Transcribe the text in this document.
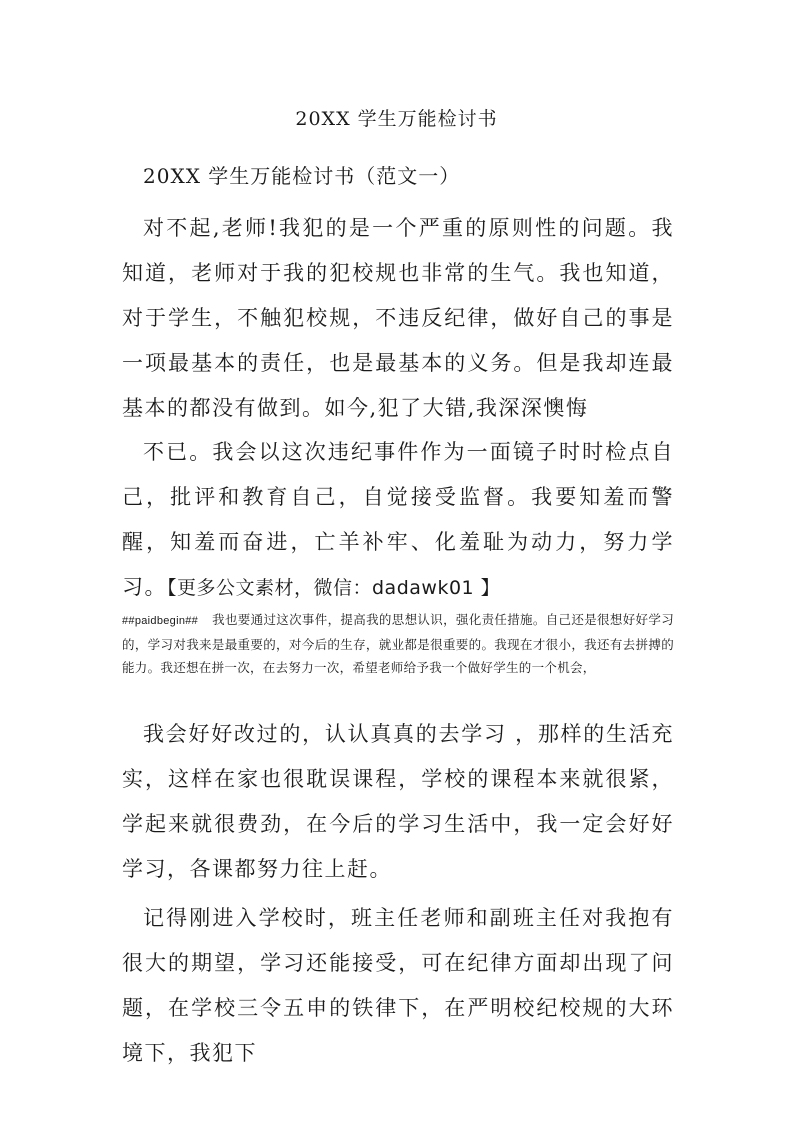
20XX 学生万能检讨书
20XX 学生万能检讨书（范文一）

对不起,老师!我犯的是一个严重的原则性的问题。我知道，老师对于我的犯校规也非常的生气。我也知道，对于学生，不触犯校规，不违反纪律，做好自己的事是一项最基本的责任，也是最基本的义务。但是我却连最基本的都没有做到。如今,犯了大错,我深深懊悔

不已。我会以这次违纪事件作为一面镜子时时检点自己，批评和教育自己，自觉接受监督。我要知羞而警醒，知羞而奋进，亡羊补牢、化羞耻为动力，努力学习。【更多公文素材，微信：dadawk01 】

##paidbegin## 我也要通过这次事件，提高我的思想认识，强化责任措施。自己还是很想好好学习的，学习对我来是最重要的，对今后的生存，就业都是很重要的。我现在才很小，我还有去拼搏的能力。我还想在拼一次，在去努力一次，希望老师给予我一个做好学生的一个机会，

我会好好改过的，认认真真的去学习 ，那样的生活充实，这样在家也很耽误课程，学校的课程本来就很紧，学起来就很费劲，在今后的学习生活中，我一定会好好学习，各课都努力往上赶。

记得刚进入学校时，班主任老师和副班主任对我抱有很大的期望，学习还能接受，可在纪律方面却出现了问题，在学校三令五申的铁律下，在严明校纪校规的大环境下，我犯下
